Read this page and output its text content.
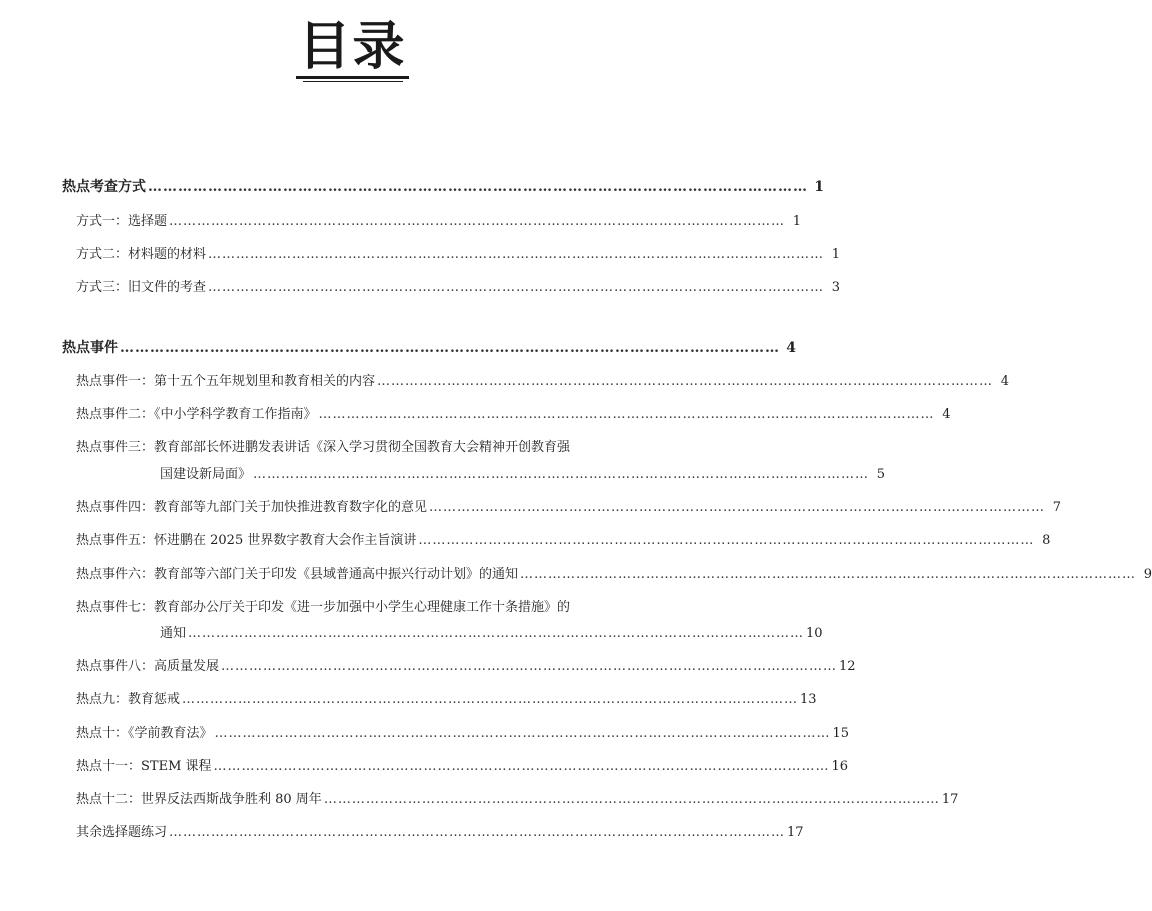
目录
热点考查方式 …………………………………………………………………………………………………………………… 1
方式一：选择题 …………………………………………………………………………………………………………………… 1
方式二：材料题的材料 …………………………………………………………………………………………………………………… 1
方式三：旧文件的考查 …………………………………………………………………………………………………………………… 3
热点事件 …………………………………………………………………………………………………………………… 4
热点事件一：第十五个五年规划里和教育相关的内容 …………………………………………………………………………………………………………………… 4
热点事件二：《中小学科学教育工作指南》 …………………………………………………………………………………………………………………… 4
热点事件三：教育部部长怀进鹏发表讲话《深入学习贯彻全国教育大会精神开创教育强
国建设新局面》 …………………………………………………………………………………………………………………… 5
热点事件四：教育部等九部门关于加快推进教育数字化的意见 …………………………………………………………………………………………………………………… 7
热点事件五：怀进鹏在 2025 世界数字教育大会作主旨演讲 …………………………………………………………………………………………………………………… 8
热点事件六：教育部等六部门关于印发《县域普通高中振兴行动计划》的通知 …………………………………………………………………………………………………………………… 9
热点事件七：教育部办公厅关于印发《进一步加强中小学生心理健康工作十条措施》的
通知 …………………………………………………………………………………………………………………… 10
热点事件八：高质量发展 …………………………………………………………………………………………………………………… 12
热点九：教育惩戒 …………………………………………………………………………………………………………………… 13
热点十：《学前教育法》 …………………………………………………………………………………………………………………… 15
热点十一：STEM 课程 …………………………………………………………………………………………………………………… 16
热点十二：世界反法西斯战争胜利 80 周年 …………………………………………………………………………………………………………………… 17
其余选择题练习 …………………………………………………………………………………………………………………… 17
